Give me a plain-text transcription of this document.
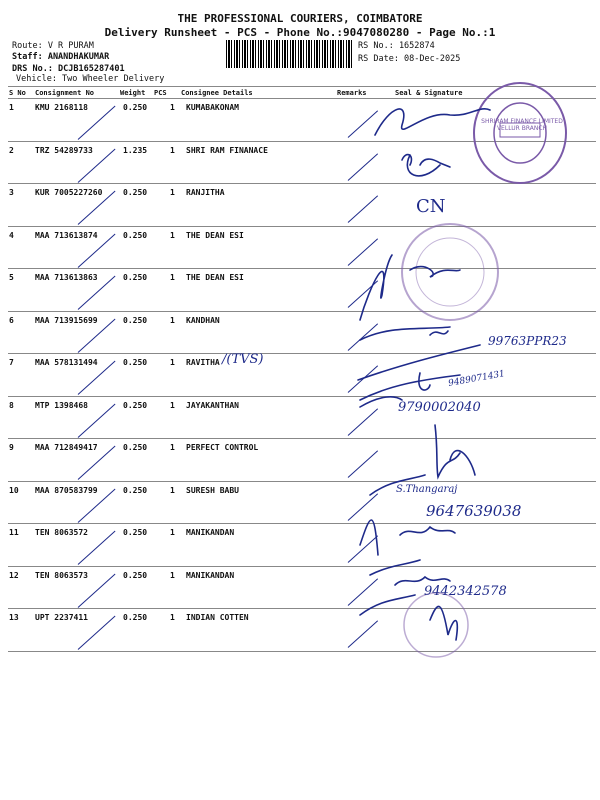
THE PROFESSIONAL COURIERS, COIMBATORE
Delivery Runsheet - PCS - Phone No.:9047080280 - Page No.:1
Route: V R PURAM
Staff: ANANDHAKUMAR
DRS No.: DCJB165287401
Vehicle: Two Wheeler Delivery
RS No.: 1652874
RS Date: 08-Dec-2025
S No Consignment No	Weight PCS Consignee Details	Remarks	Seal & Signature
1	KMU 2168118	0.250	1 KUMABAKONAM
2	TRZ 54289733	1.235	1 SHRI RAM FINANACE
3	KUR 7005227260	0.250	1 RANJITHA
4	MAA 713613874	0.250	1 THE DEAN ESI
5	MAA 713613863	0.250	1 THE DEAN ESI
6	MAA 713915699	0.250	1 KANDHAN
7	MAA 578131494	0.250	1 RAVITHA
8	MTP 1398468	0.250	1 JAYAKANTHAN
9	MAA 712849417	0.250	1 PERFECT CONTROL
10 MAA 870583799	0.250	1 SURESH BABU
11 TEN 8063572	0.250	1 MANIKANDAN
12 TEN 8063573	0.250	1 MANIKANDAN
13 UPT 2237411	0.250	1 INDIAN COTTEN
SHRIRAM FINANCE LIMITED
VELLUR BRANCH
/(TVS)
99763PPR23
9489071431
9790002040
S.Thangaraj
9647639038
9442342578
CN
